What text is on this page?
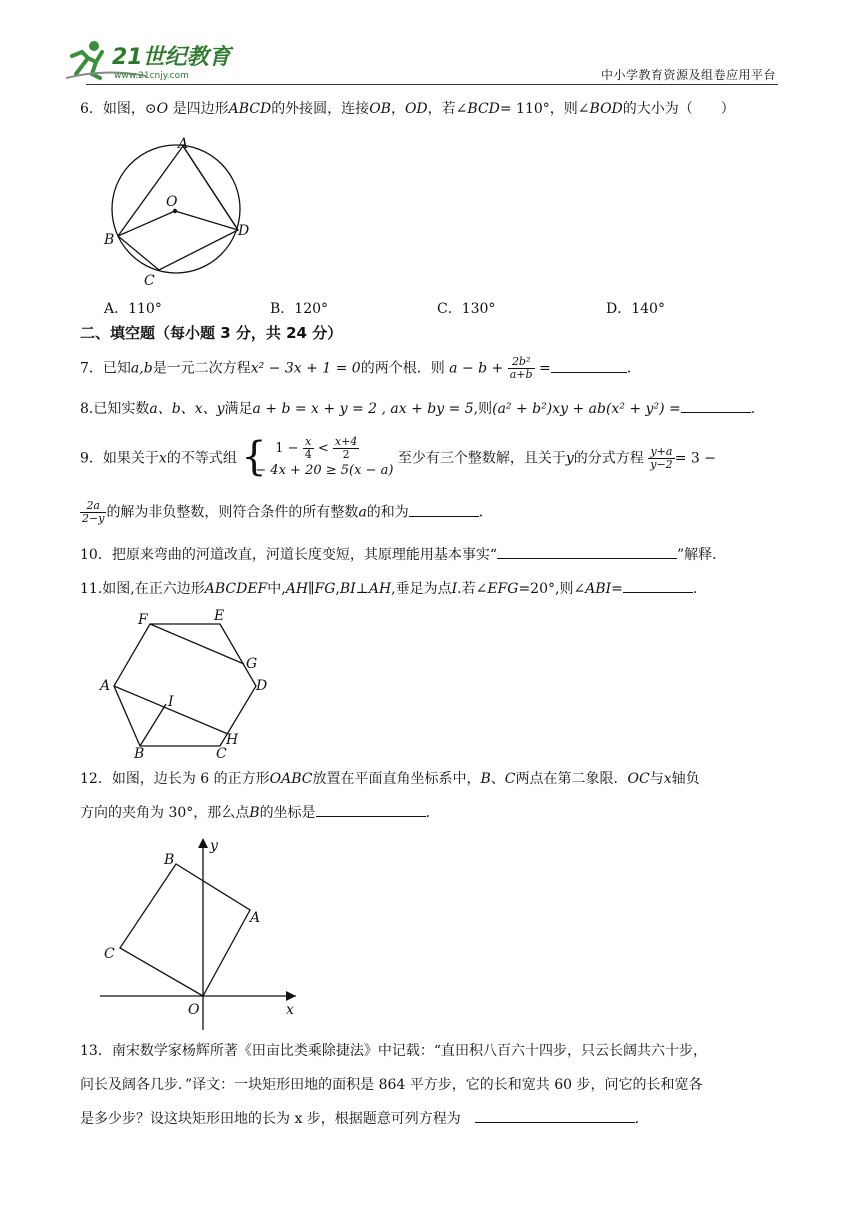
21世纪教育
www.21cnjy.com	中小学教育资源及组卷应用平台
6．如图，⊙O 是四边形ABCD的外接圆，连接OB，OD，若∠BCD= 110°，则∠BOD的大小为（　　）
A
O
B
C
D
A．110°	B．120°	C．130°	D．140°
二、填空题（每小题 3 分，共 24 分）
7．已知a,b是一元二次方程x² − 3x + 1 = 0的两个根．则 $a - b + \frac{\text{2b²}}{a+b}$ =	．
8.已知实数a、b、x、y满足a + b = x + y = 2 , ax + by = 5,则(a² + b²)xy + ab(x² + y²) =	.
9．如果关于x的不等式组 { $1 - \frac{x}{4} < \frac{x+4}{2}$
− 4x + 20 ≥ 5(x − a)
至少有三个整数解，且关于y的分式方程 $\frac{y+a}{y-2} = 3$ −
$\frac{2a}{2-y}$ 的解为非负整数，则符合条件的所有整数a的和为	．
10．把原来弯曲的河道改直，河道长度变短，其原理能用基本事实“	”解释．
11.如图,在正六边形ABCDEF中,AH∥FG,BI⊥AH,垂足为点I.若∠EFG=20°,则∠ABI=	.
F	E
G
D
A
I
H
B	C
12．如图，边长为 6 的正方形OABC放置在平面直角坐标系中，B、C两点在第二象限．OC与x轴负
方向的夹角为 30°，那么点B的坐标是	．
y
x
B
A
C
O
13．南宋数学家杨辉所著《田亩比类乘除捷法》中记载：“直田积八百六十四步，只云长阔共六十步，
问长及阔各几步．”译文：一块矩形田地的面积是 864 平方步，它的长和宽共 60 步，问它的长和宽各
是多少步？设这块矩形田地的长为 x 步，根据题意可列方程为　	．
